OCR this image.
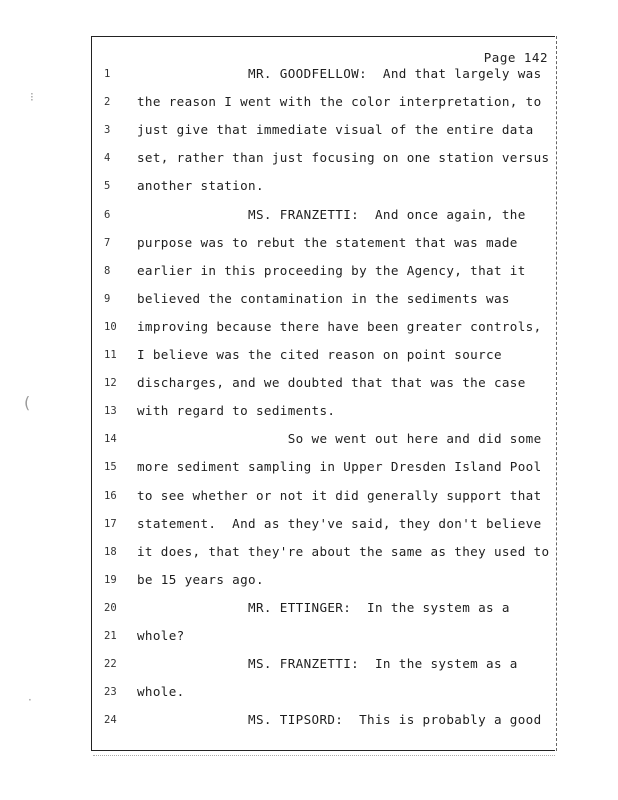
Page 142
1	MR. GOODFELLOW:  And that largely was
2	the reason I went with the color interpretation, to
3	just give that immediate visual of the entire data
4	set, rather than just focusing on one station versus
5	another station.
6	MS. FRANZETTI:  And once again, the
7	purpose was to rebut the statement that was made
8	earlier in this proceeding by the Agency, that it
9	believed the contamination in the sediments was
10	improving because there have been greater controls,
11	I believe was the cited reason on point source
12	discharges, and we doubted that that was the case
13	with regard to sediments.
14	So we went out here and did some
15	more sediment sampling in Upper Dresden Island Pool
16	to see whether or not it did generally support that
17	statement.  And as they've said, they don't believe
18	it does, that they're about the same as they used to
19	be 15 years ago.
20	MR. ETTINGER:  In the system as a
21	whole?
22	MS. FRANZETTI:  In the system as a
23	whole.
24	MS. TIPSORD:  This is probably a good
⁝
(
·
